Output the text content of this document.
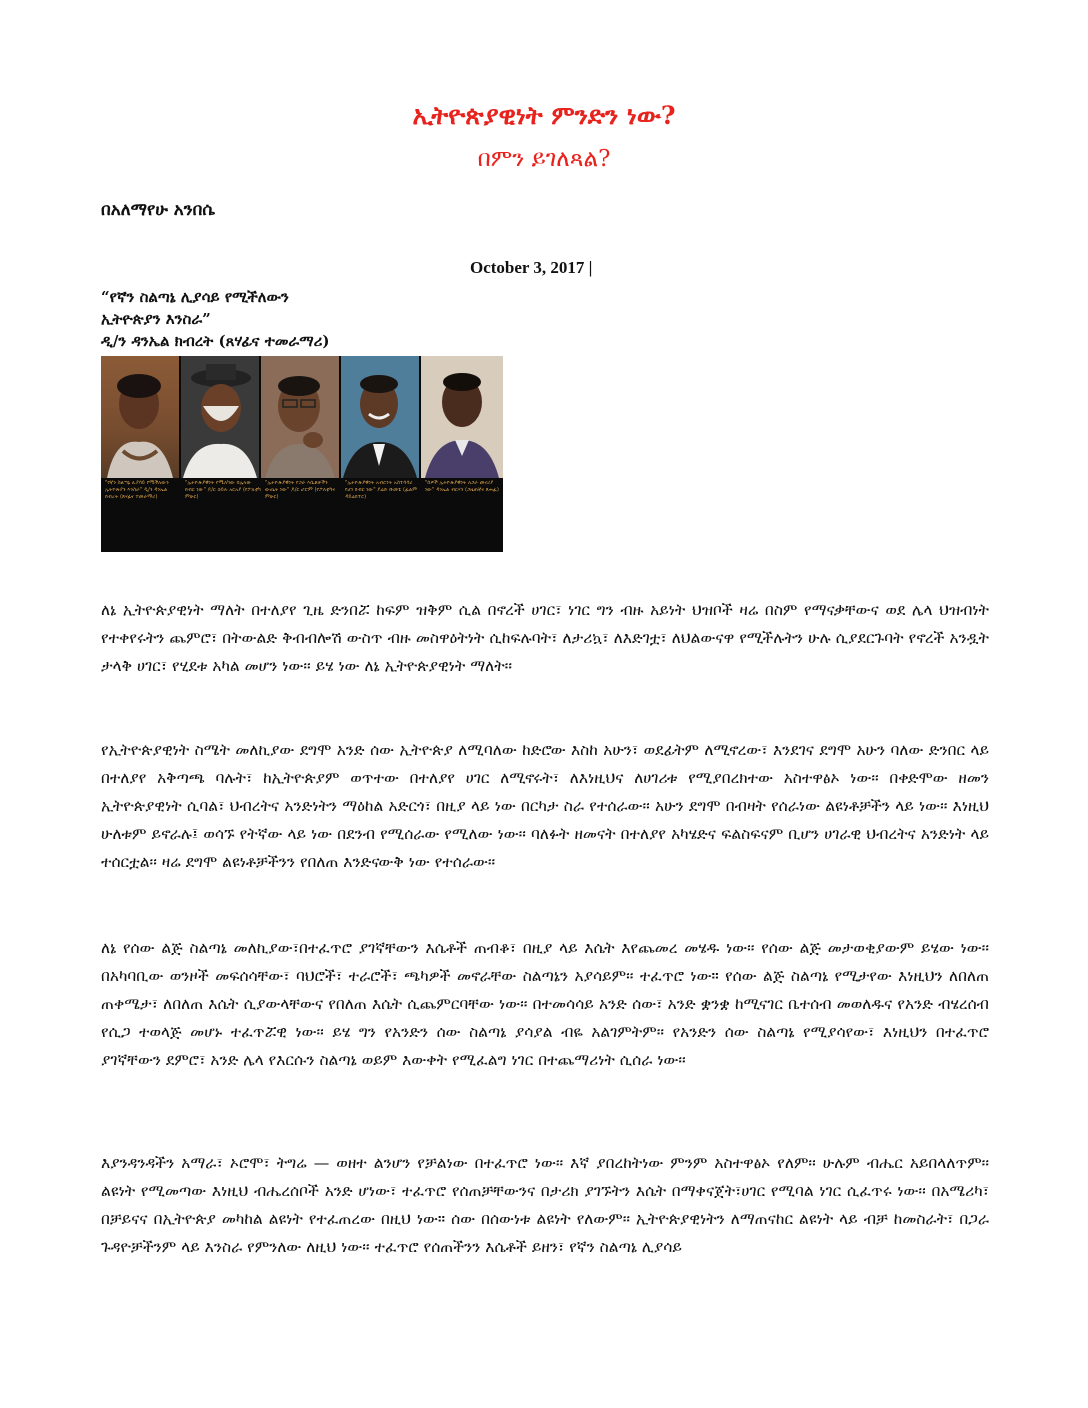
ኢትዮጵያዊነት ምንድን ነው?
በምን ይገለጻል?
በአለማየሁ አንበሴ
October 3, 2017 |
“የኛን ስልጣኔ ሊያሳይ የሚችለውን
ኢትዮጵያን እንስራ”
ዲ/ን ዳንኤል ክብረት (ጸሃፊና ተመራማሪ)
"የኛን ስልጣኔ ሊያሳይ የሚችለውን ኢትዮጵያን እንስራ" ዲ/ን ዳንኤል ክብረት (ጸሃፊና ተመራማሪ)
"ኢትዮጵያዊነት የሚለካው በሌላው ክብር ነው" ዶ/ር ኃይሉ አርአያ (የፖለቲካ ምሁር)
"ኢትዮጵያዊነት የጋራ እሴቶቻችን ውጤት ነው" ዶ/ር ሆሮም (የፖለቲካና ምሁር)
"ኢትዮጵያዊነት አብሮነት አስተሳሳሪ የሆነ ክብር ነው" ያሬድ ሹመቴ (ፊልም ዳይሬክተር)
"ሰዎች ኢትዮጵያዊነት ለጋራ መኖሪያ ነው" ዳንኤል ብርሃን (ጋዜጠኛና ጸሐፊ)
ለኔ ኢትዮጵያዊነት ማለት በተለያየ ጊዜ ድንበሯ ከፍም ዝቅም ሲል በኖረች ሀገር፣ ነገር ግን ብዙ አይነት ህዝቦች ዛሬ በስም የማናቃቸውና ወደ ሌላ ህዝብነት የተቀየሩትን ጨምሮ፣ በትውልድ ቅብብሎሽ ውስጥ ብዙ መስዋዕትነት ሲከፍሉባት፣ ለታሪኳ፣ ለእድገቷ፣ ለህልውናዋ የሚችሉትን ሁሉ ሲያደርጉባት የኖረች አንዷት ታላቅ ሀገር፣ የሂደቱ አካል መሆን ነው፡፡ ይሄ ነው ለኔ ኢትዮጵያዊነት ማለት፡፡
የኢትዮጵያዊነት ስሜት መለኪያው ደግሞ አንድ ሰው ኢትዮጵያ ለሚባለው ከድሮው እስከ አሁን፣ ወደፊትም ለሚኖረው፣ እንደገና ደግሞ አሁን ባለው ድንበር ላይ በተለያየ አቅጣጫ ባሉት፣ ከኢትዮጵያም ወጥተው በተለያየ ሀገር ለሚኖሩት፣ ለእነዚህና ለሀገሪቱ የሚያበረክተው አስተዋፅኦ ነው፡፡ በቀድሞው ዘመን ኢትዮጵያዊነት ሲባል፣ ህብረትና አንድነትን ማዕከል አድርጎ፣ በዚያ ላይ ነው በርካታ ስራ የተሰራው፡፡ አሁን ደግሞ በብዛት የሰራነው ልዩነቶቻችን ላይ ነው፡፡ እነዚህ ሁለቱም ይኖራሉ፤ ወሳኙ የትኛው ላይ ነው በደንብ የሚሰራው የሚለው ነው፡፡ ባለፉት ዘመናት በተለያየ አካሄድና ፍልስፍናም ቢሆን ሀገራዊ ህብረትና አንድነት ላይ ተሰርቷል፡፡ ዛሬ ደግሞ ልዩነቶቻችንን የበለጠ እንድናውቅ ነው የተሰራው፡፡
ለኔ የሰው ልጅ ስልጣኔ መለኪያው፣በተፈጥሮ ያገኛቸውን እሴቶች ጠብቆ፣ በዚያ ላይ እሴት እየጨመረ መሄዱ ነው፡፡ የሰው ልጅ መታወቂያውም ይሄው ነው፡፡ በአካባቢው ወንዞች መፍሰሳቸው፣ ባህሮች፣ ተራሮች፣ ጫካዎች መኖራቸው ስልጣኔን አያሳይም፡፡ ተፈጥሮ ነው። የሰው ልጅ ስልጣኔ የሚታየው እነዚህን ለበለጠ ጠቀሜታ፣ ለበለጠ እሴት ሲያውላቸውና የበለጠ እሴት ሲጨምርባቸው ነው፡፡ በተመሳሳይ አንድ ሰው፣ አንድ ቋንቋ ከሚናገር ቤተሰብ መወለዱና የአንድ ብሄረሰብ የሲጋ ተወላጅ መሆኑ ተፈጥሯዊ ነው፡፡ ይሄ ግን የአንድን ሰው ስልጣኔ ያሳያል ብዬ አልገምትም፡፡ የአንድን ሰው ስልጣኔ የሚያሳየው፣ እነዚህን በተፈጥሮ ያገኛቸውን ደምሮ፣ አንድ ሌላ የእርሱን ስልጣኔ ወይም እውቀት የሚፈልግ ነገር በተጨማሪነት ሲሰራ ነው፡፡
እያንዳንዳችን አማራ፣ ኦሮሞ፣ ትግሬ — ወዘተ ልንሆን የቻልነው በተፈጥሮ ነው፡፡ እኛ ያበረከትነው ምንም አስተዋፅኦ የለም፡፡ ሁሉም ብሔር አይበላለጥም፡፡ ልዩነት የሚመጣው እነዚህ ብሔረሰቦች አንድ ሆነው፣ ተፈጥሮ የሰጠቻቸውንና በታሪክ ያገኙትን እሴት በማቀናጀት፣ሀገር የሚባል ነገር ሲፈጥሩ ነው፡፡ በአሜሪካ፣ በቻይናና በኢትዮጵያ መካከል ልዩነት የተፈጠረው በዚህ ነው። ሰው በሰውነቱ ልዩነት የለውም፡፡ ኢትዮጵያዊነትን ለማጠናከር ልዩነት ላይ ብቻ ከመስራት፣ በጋራ ጉዳዮቻችንም ላይ እንስራ የምንለው ለዚህ ነው፡፡ ተፈጥሮ የሰጠችንን እሴቶች ይዘን፣ የኛን ስልጣኔ ሊያሳይ
